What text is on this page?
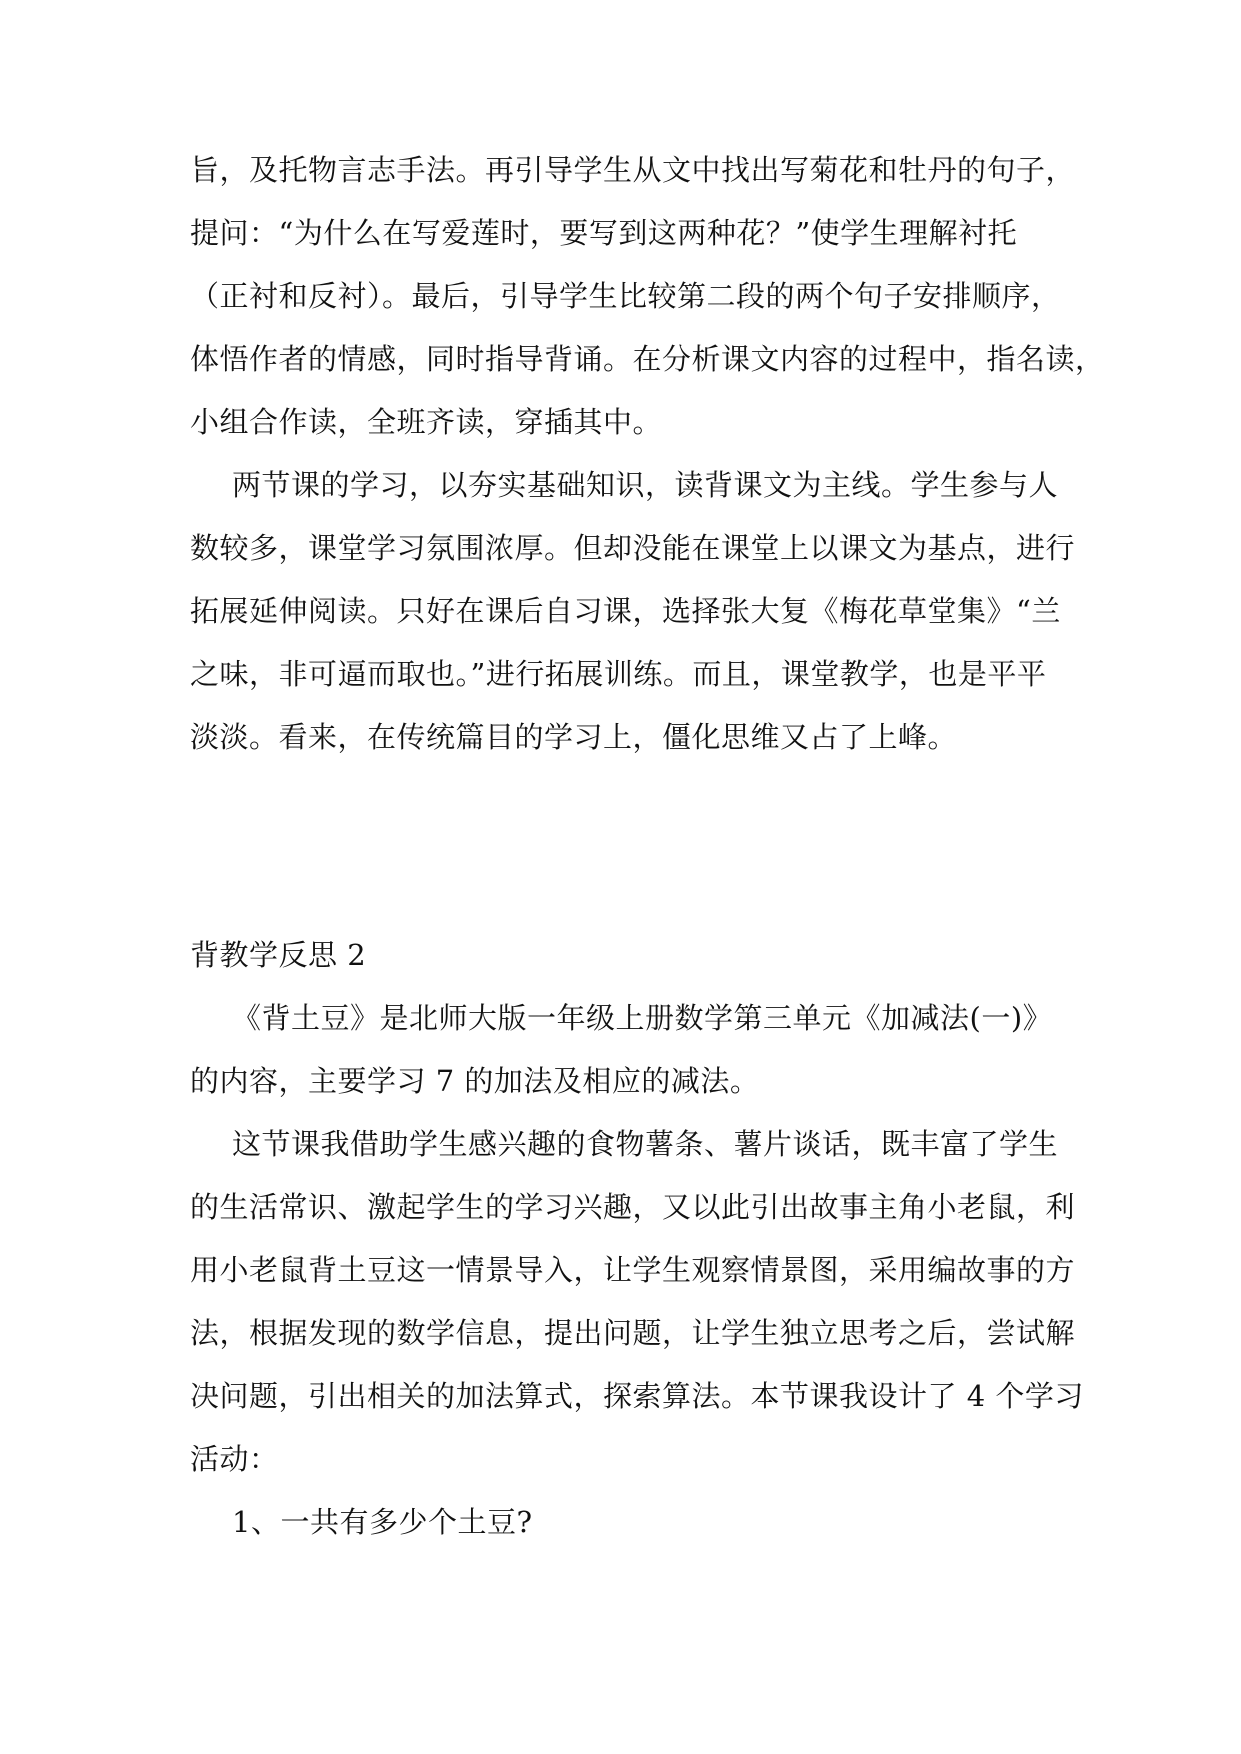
旨，及托物言志手法。再引导学生从文中找出写菊花和牡丹的句子，
提问：“为什么在写爱莲时，要写到这两种花？”使学生理解衬托
（正衬和反衬）。最后，引导学生比较第二段的两个句子安排顺序，
体悟作者的情感，同时指导背诵。在分析课文内容的过程中，指名读，
小组合作读，全班齐读，穿插其中。
两节课的学习，以夯实基础知识，读背课文为主线。学生参与人
数较多，课堂学习氛围浓厚。但却没能在课堂上以课文为基点，进行
拓展延伸阅读。只好在课后自习课，选择张大复《梅花草堂集》“兰
之味，非可逼而取也。”进行拓展训练。而且，课堂教学，也是平平
淡淡。看来，在传统篇目的学习上，僵化思维又占了上峰。
背教学反思 2
《背土豆》是北师大版一年级上册数学第三单元《加减法(一)》
的内容，主要学习 7 的加法及相应的减法。
这节课我借助学生感兴趣的食物薯条、薯片谈话，既丰富了学生
的生活常识、激起学生的学习兴趣，又以此引出故事主角小老鼠，利
用小老鼠背土豆这一情景导入，让学生观察情景图，采用编故事的方
法，根据发现的数学信息，提出问题，让学生独立思考之后，尝试解
决问题，引出相关的加法算式，探索算法。本节课我设计了 4 个学习
活动：
1、一共有多少个土豆?
